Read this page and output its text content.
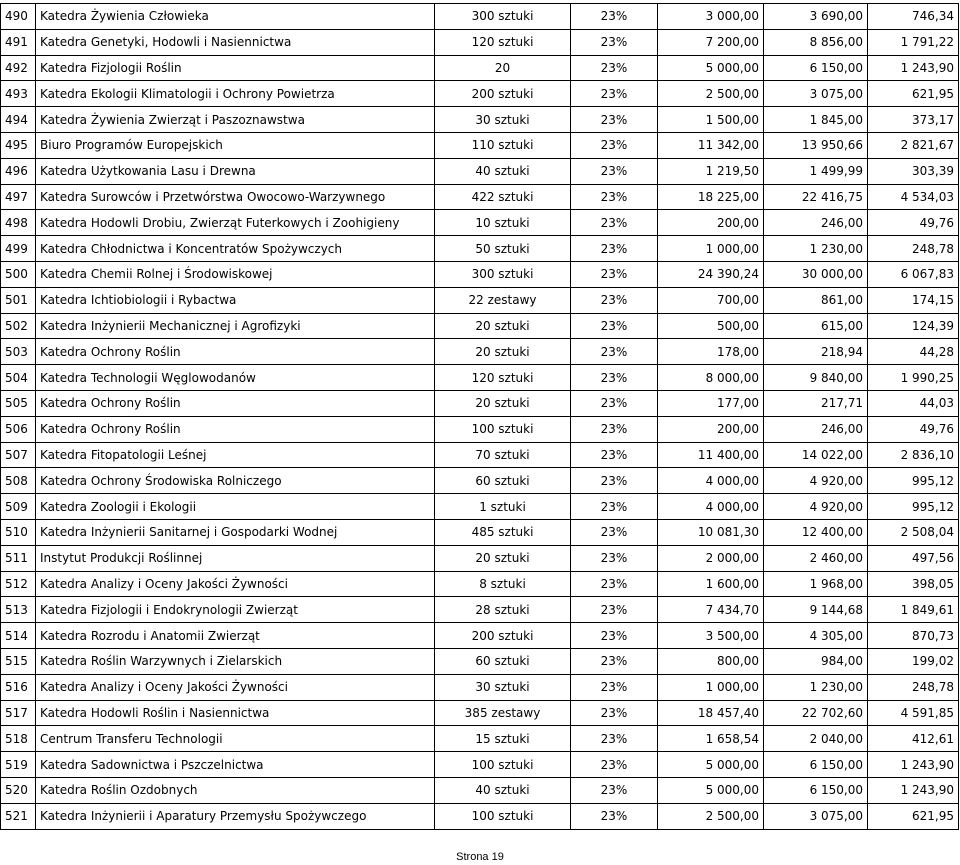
490	Katedra Żywienia Człowieka	300 sztuki	23%	3 000,00	3 690,00	746,34
491	Katedra Genetyki, Hodowli i Nasiennictwa	120 sztuki	23%	7 200,00	8 856,00	1 791,22
492	Katedra Fizjologii Roślin	20	23%	5 000,00	6 150,00	1 243,90
493	Katedra Ekologii Klimatologii i Ochrony Powietrza	200 sztuki	23%	2 500,00	3 075,00	621,95
494	Katedra Żywienia Zwierząt i Paszoznawstwa	30 sztuki	23%	1 500,00	1 845,00	373,17
495	Biuro Programów Europejskich	110 sztuki	23%	11 342,00	13 950,66	2 821,67
496	Katedra Użytkowania Lasu i Drewna	40 sztuki	23%	1 219,50	1 499,99	303,39
497	Katedra Surowców i Przetwórstwa Owocowo-Warzywnego	422 sztuki	23%	18 225,00	22 416,75	4 534,03
498	Katedra Hodowli Drobiu, Zwierząt Futerkowych i Zoohigieny	10 sztuki	23%	200,00	246,00	49,76
499	Katedra Chłodnictwa i Koncentratów Spożywczych	50 sztuki	23%	1 000,00	1 230,00	248,78
500	Katedra Chemii Rolnej i Środowiskowej	300 sztuki	23%	24 390,24	30 000,00	6 067,83
501	Katedra Ichtiobiologii i Rybactwa	22 zestawy	23%	700,00	861,00	174,15
502	Katedra Inżynierii Mechanicznej i Agrofizyki	20 sztuki	23%	500,00	615,00	124,39
503	Katedra Ochrony Roślin	20 sztuki	23%	178,00	218,94	44,28
504	Katedra Technologii Węglowodanów	120 sztuki	23%	8 000,00	9 840,00	1 990,25
505	Katedra Ochrony Roślin	20 sztuki	23%	177,00	217,71	44,03
506	Katedra Ochrony Roślin	100 sztuki	23%	200,00	246,00	49,76
507	Katedra Fitopatologii Leśnej	70 sztuki	23%	11 400,00	14 022,00	2 836,10
508	Katedra Ochrony Środowiska Rolniczego	60 sztuki	23%	4 000,00	4 920,00	995,12
509	Katedra Zoologii i Ekologii	1 sztuki	23%	4 000,00	4 920,00	995,12
510	Katedra Inżynierii Sanitarnej i Gospodarki Wodnej	485 sztuki	23%	10 081,30	12 400,00	2 508,04
511	Instytut Produkcji Roślinnej	20 sztuki	23%	2 000,00	2 460,00	497,56
512	Katedra Analizy i Oceny Jakości Żywności	8 sztuki	23%	1 600,00	1 968,00	398,05
513	Katedra Fizjologii i Endokrynologii Zwierząt	28 sztuki	23%	7 434,70	9 144,68	1 849,61
514	Katedra Rozrodu i Anatomii Zwierząt	200 sztuki	23%	3 500,00	4 305,00	870,73
515	Katedra Roślin Warzywnych i Zielarskich	60 sztuki	23%	800,00	984,00	199,02
516	Katedra Analizy i Oceny Jakości Żywności	30 sztuki	23%	1 000,00	1 230,00	248,78
517	Katedra Hodowli Roślin i Nasiennictwa	385 zestawy	23%	18 457,40	22 702,60	4 591,85
518	Centrum Transferu Technologii	15 sztuki	23%	1 658,54	2 040,00	412,61
519	Katedra Sadownictwa i Pszczelnictwa	100 sztuki	23%	5 000,00	6 150,00	1 243,90
520	Katedra Roślin Ozdobnych	40 sztuki	23%	5 000,00	6 150,00	1 243,90
521	Katedra Inżynierii i Aparatury Przemysłu Spożywczego	100 sztuki	23%	2 500,00	3 075,00	621,95
Strona 19
